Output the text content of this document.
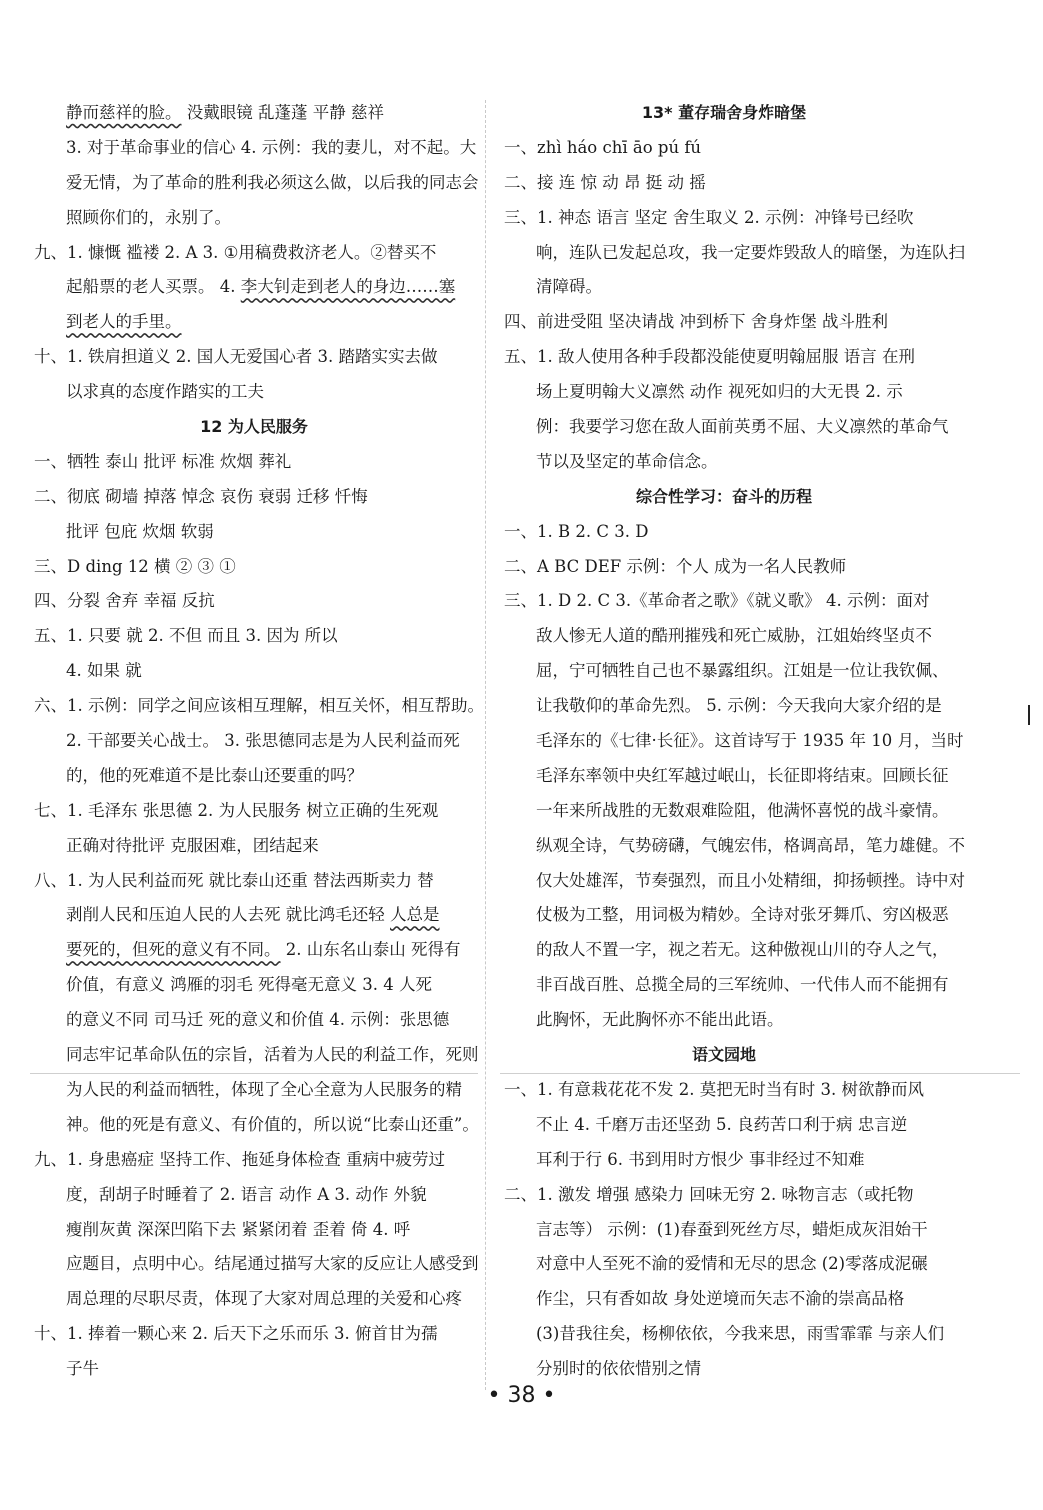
静而慈祥的脸。 没戴眼镜 乱蓬蓬 平静 慈祥
3. 对于革命事业的信心 4. 示例：我的妻儿，对不起。大
爱无情，为了革命的胜利我必须这么做，以后我的同志会
照顾你们的，永别了。
九、1. 慷慨 褴褛 2. A 3. ①用稿费救济老人。②替买不
起船票的老人买票。 4. 李大钊走到老人的身边……塞
到老人的手里。
十、1. 铁肩担道义 2. 国人无爱国心者 3. 踏踏实实去做
以求真的态度作踏实的工夫
12 为人民服务
一、牺牲 泰山 批评 标准 炊烟 葬礼
二、彻底 砌墙 掉落 悼念 哀伤 衰弱 迁移 忏悔
批评 包庇 炊烟 软弱
三、D ding 12 横 ② ③ ①
四、分裂 舍弃 幸福 反抗
五、1. 只要 就 2. 不但 而且 3. 因为 所以
4. 如果 就
六、1. 示例：同学之间应该相互理解，相互关怀，相互帮助。
2. 干部要关心战士。 3. 张思德同志是为人民利益而死
的，他的死难道不是比泰山还要重的吗？
七、1. 毛泽东 张思德 2. 为人民服务 树立正确的生死观
正确对待批评 克服困难，团结起来
八、1. 为人民利益而死 就比泰山还重 替法西斯卖力 替
剥削人民和压迫人民的人去死 就比鸿毛还轻 人总是
要死的，但死的意义有不同。 2. 山东名山泰山 死得有
价值，有意义 鸿雁的羽毛 死得毫无意义 3. 4 人死
的意义不同 司马迁 死的意义和价值 4. 示例：张思德
同志牢记革命队伍的宗旨，活着为人民的利益工作，死则
为人民的利益而牺牲，体现了全心全意为人民服务的精
神。他的死是有意义、有价值的，所以说“比泰山还重”。
九、1. 身患癌症 坚持工作、拖延身体检查 重病中疲劳过
度，刮胡子时睡着了 2. 语言 动作 A 3. 动作 外貌
瘦削灰黄 深深凹陷下去 紧紧闭着 歪着 倚 4. 呼
应题目，点明中心。结尾通过描写大家的反应让人感受到
周总理的尽职尽责，体现了大家对周总理的关爱和心疼
十、1. 捧着一颗心来 2. 后天下之乐而乐 3. 俯首甘为孺
子牛
13* 董存瑞舍身炸暗堡
一、zhì háo chī āo pú fú
二、接 连 惊 动 昂 挺 动 摇
三、1. 神态 语言 坚定 舍生取义 2. 示例：冲锋号已经吹
响，连队已发起总攻，我一定要炸毁敌人的暗堡，为连队扫
清障碍。
四、前进受阻 坚决请战 冲到桥下 舍身炸堡 战斗胜利
五、1. 敌人使用各种手段都没能使夏明翰屈服 语言 在刑
场上夏明翰大义凛然 动作 视死如归的大无畏 2. 示
例：我要学习您在敌人面前英勇不屈、大义凛然的革命气
节以及坚定的革命信念。
综合性学习：奋斗的历程
一、1. B 2. C 3. D
二、A BC DEF 示例：个人 成为一名人民教师
三、1. D 2. C 3.《革命者之歌》《就义歌》 4. 示例：面对
敌人惨无人道的酷刑摧残和死亡威胁，江姐始终坚贞不
屈，宁可牺牲自己也不暴露组织。江姐是一位让我钦佩、
让我敬仰的革命先烈。 5. 示例：今天我向大家介绍的是
毛泽东的《七律·长征》。这首诗写于 1935 年 10 月，当时
毛泽东率领中央红军越过岷山，长征即将结束。回顾长征
一年来所战胜的无数艰难险阻，他满怀喜悦的战斗豪情。
纵观全诗，气势磅礴，气魄宏伟，格调高昂，笔力雄健。不
仅大处雄浑，节奏强烈，而且小处精细，抑扬顿挫。诗中对
仗极为工整，用词极为精妙。全诗对张牙舞爪、穷凶极恶
的敌人不置一字，视之若无。这种傲视山川的夺人之气，
非百战百胜、总揽全局的三军统帅、一代伟人而不能拥有
此胸怀，无此胸怀亦不能出此语。
语文园地
一、1. 有意栽花花不发 2. 莫把无时当有时 3. 树欲静而风
不止 4. 千磨万击还坚劲 5. 良药苦口利于病 忠言逆
耳利于行 6. 书到用时方恨少 事非经过不知难
二、1. 激发 增强 感染力 回味无穷 2. 咏物言志（或托物
言志等） 示例：(1)春蚕到死丝方尽，蜡炬成灰泪始干
对意中人至死不渝的爱情和无尽的思念 (2)零落成泥碾
作尘，只有香如故 身处逆境而矢志不渝的崇高品格
(3)昔我往矣，杨柳依依，今我来思，雨雪霏霏 与亲人们
分别时的依依惜别之情
• 38 •
